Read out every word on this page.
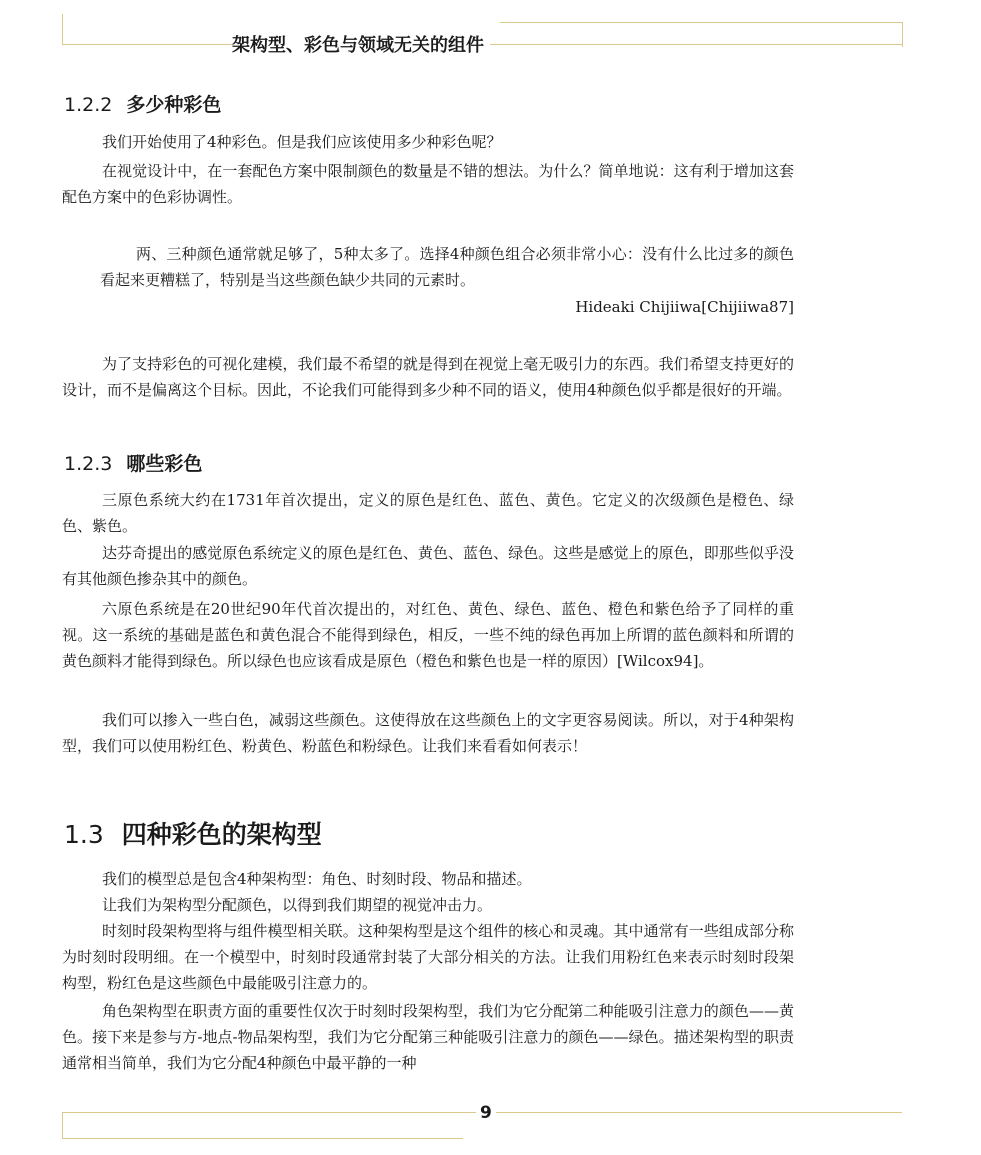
架构型、彩色与领域无关的组件
1.2.2 多少种彩色

我们开始使用了4种彩色。但是我们应该使用多少种彩色呢？

在视觉设计中，在一套配色方案中限制颜色的数量是不错的想法。为什么？简单地说：这有利于增加这套配色方案中的色彩协调性。

两、三种颜色通常就足够了，5种太多了。选择4种颜色组合必须非常小心：没有什么比过多的颜色看起来更糟糕了，特别是当这些颜色缺少共同的元素时。

Hideaki Chijiiwa[Chijiiwa87]

为了支持彩色的可视化建模，我们最不希望的就是得到在视觉上毫无吸引力的东西。我们希望支持更好的设计，而不是偏离这个目标。因此，不论我们可能得到多少种不同的语义，使用4种颜色似乎都是很好的开端。

1.2.3 哪些彩色

三原色系统大约在1731年首次提出，定义的原色是红色、蓝色、黄色。它定义的次级颜色是橙色、绿色、紫色。

达芬奇提出的感觉原色系统定义的原色是红色、黄色、蓝色、绿色。这些是感觉上的原色，即那些似乎没有其他颜色掺杂其中的颜色。

六原色系统是在20世纪90年代首次提出的，对红色、黄色、绿色、蓝色、橙色和紫色给予了同样的重视。这一系统的基础是蓝色和黄色混合不能得到绿色，相反，一些不纯的绿色再加上所谓的蓝色颜料和所谓的黄色颜料才能得到绿色。所以绿色也应该看成是原色（橙色和紫色也是一样的原因）[Wilcox94]。

我们可以掺入一些白色，减弱这些颜色。这使得放在这些颜色上的文字更容易阅读。所以，对于4种架构型，我们可以使用粉红色、粉黄色、粉蓝色和粉绿色。让我们来看看如何表示！

1.3 四种彩色的架构型

我们的模型总是包含4种架构型：角色、时刻时段、物品和描述。

让我们为架构型分配颜色，以得到我们期望的视觉冲击力。

时刻时段架构型将与组件模型相关联。这种架构型是这个组件的核心和灵魂。其中通常有一些组成部分称为时刻时段明细。在一个模型中，时刻时段通常封装了大部分相关的方法。让我们用粉红色来表示时刻时段架构型，粉红色是这些颜色中最能吸引注意力的。

角色架构型在职责方面的重要性仅次于时刻时段架构型，我们为它分配第二种能吸引注意力的颜色——黄色。接下来是参与方-地点-物品架构型，我们为它分配第三种能吸引注意力的颜色——绿色。描述架构型的职责通常相当简单，我们为它分配4种颜色中最平静的一种

9
